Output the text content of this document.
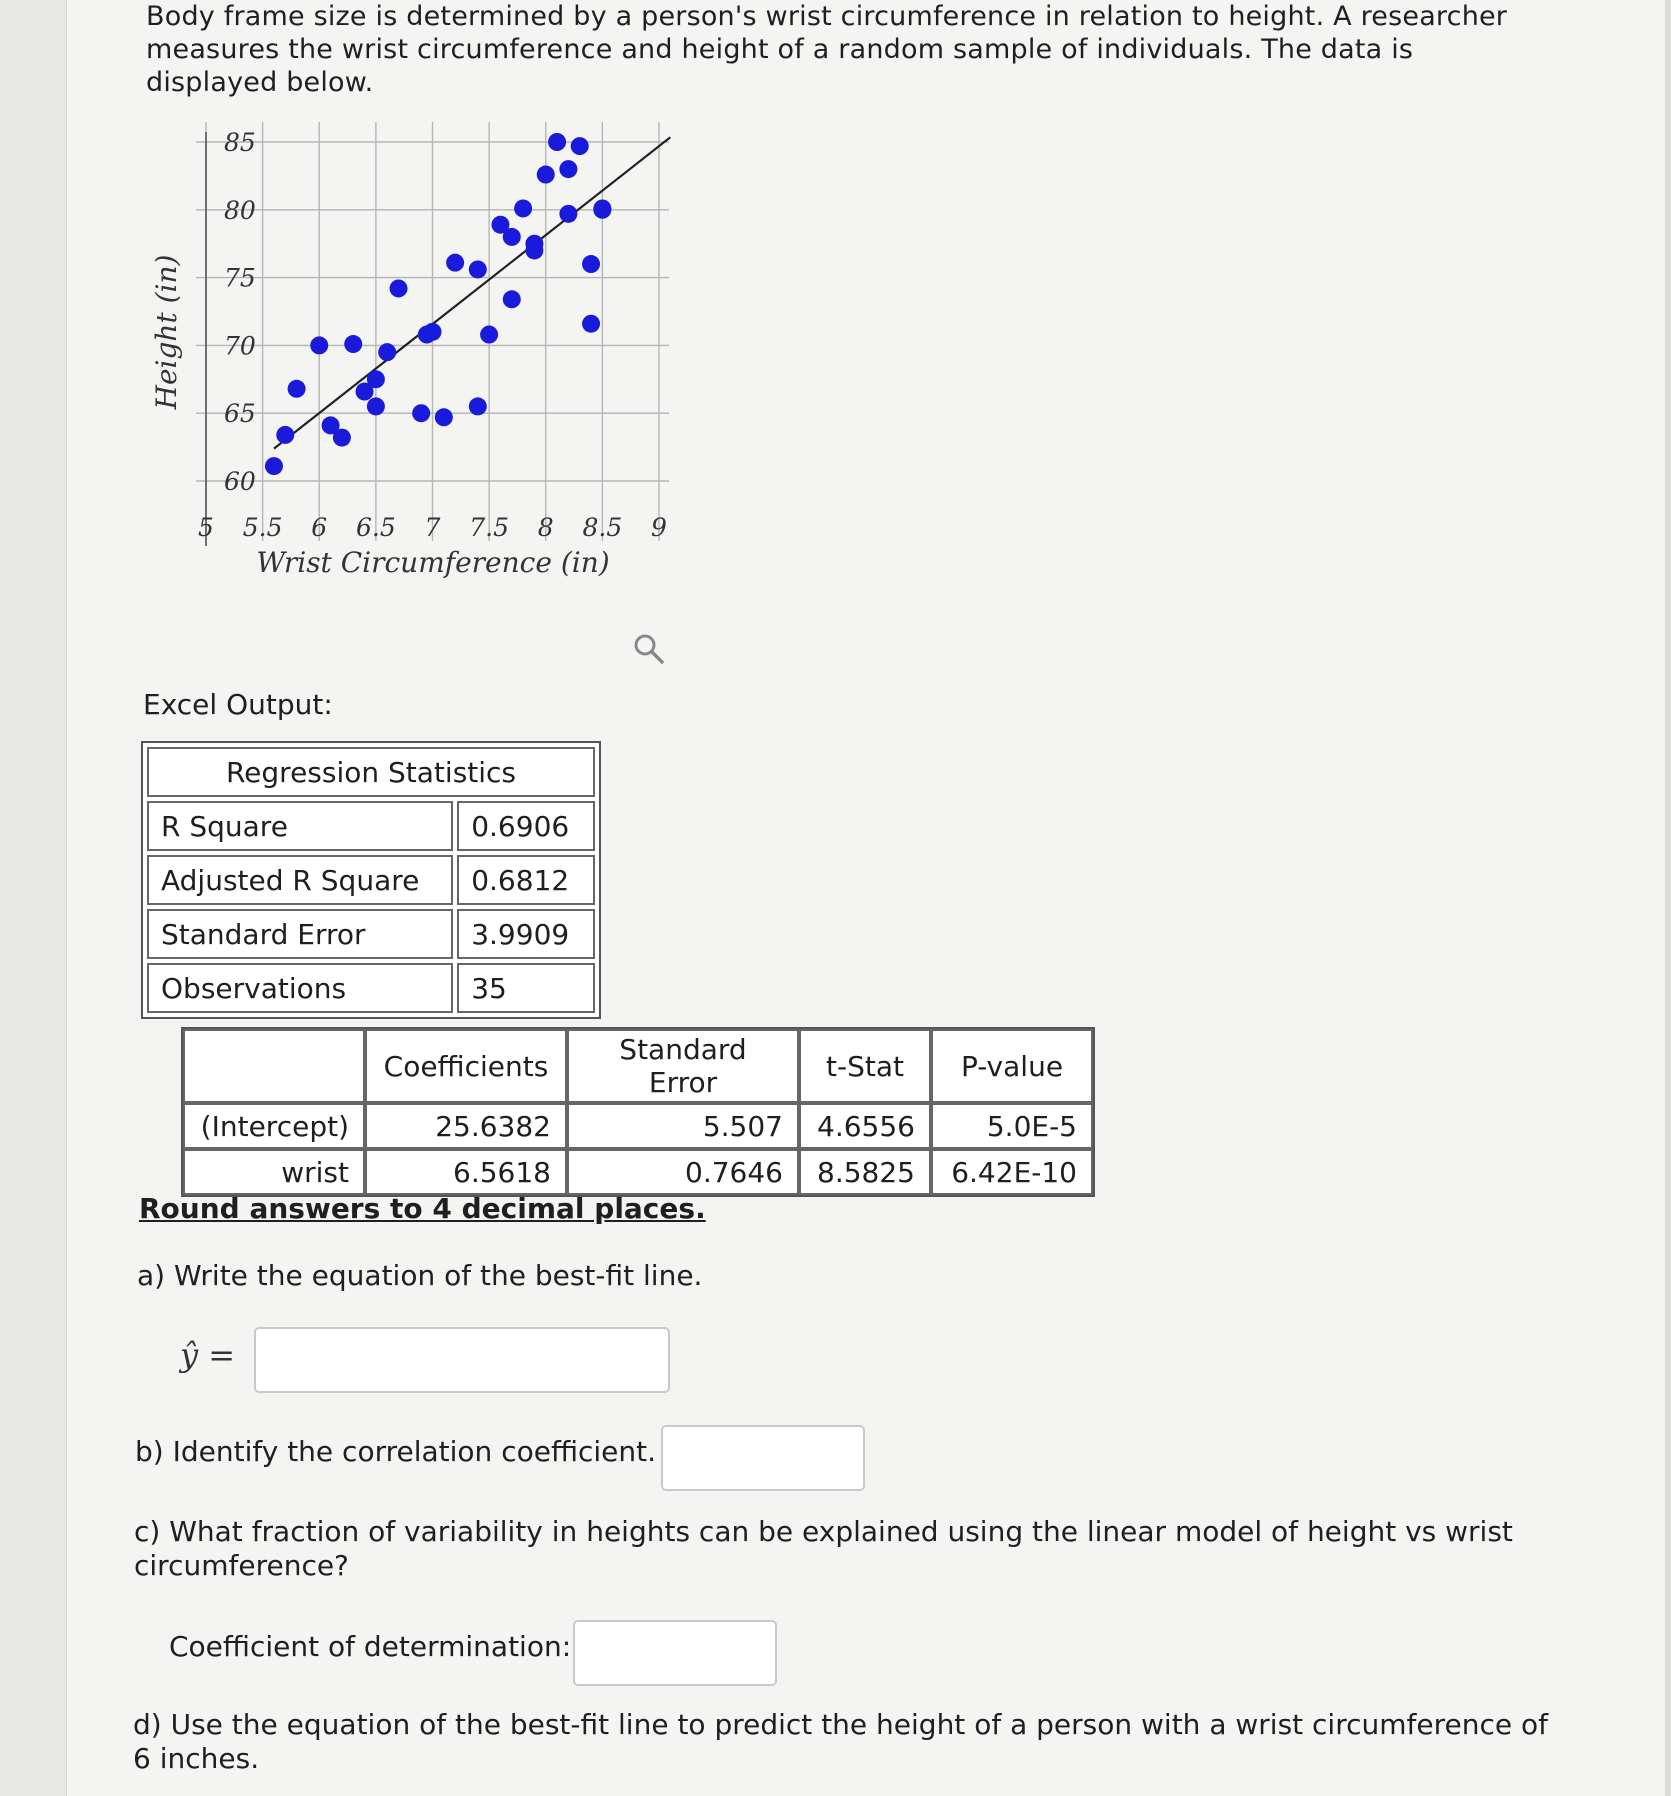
Body frame size is determined by a person's wrist circumference in relation to height. A researcher measures the wrist circumference and height of a random sample of individuals. The data is displayed below.
60
65
70
75
80
85
5 5.5 6 6.5 7 7.5 8 8.5 9
Wrist Circumference (in)
Height (in)
Excel Output:
Regression Statistics	
R Square	0.6906
Adjusted R Square	0.6812
Standard Error	3.9909
Observations	35
	Coefficients	Standard Error	t-Stat	P-value
(Intercept)	25.6382	5.507	4.6556	5.0E-5
wrist	6.5618	0.7646	8.5825	6.42E-10
Round answers to 4 decimal places.
a) Write the equation of the best-fit line.
ŷ =
b) Identify the correlation coefficient.
c) What fraction of variability in heights can be explained using the linear model of height vs wrist circumference?
Coefficient of determination:
d) Use the equation of the best-fit line to predict the height of a person with a wrist circumference of 6 inches.
